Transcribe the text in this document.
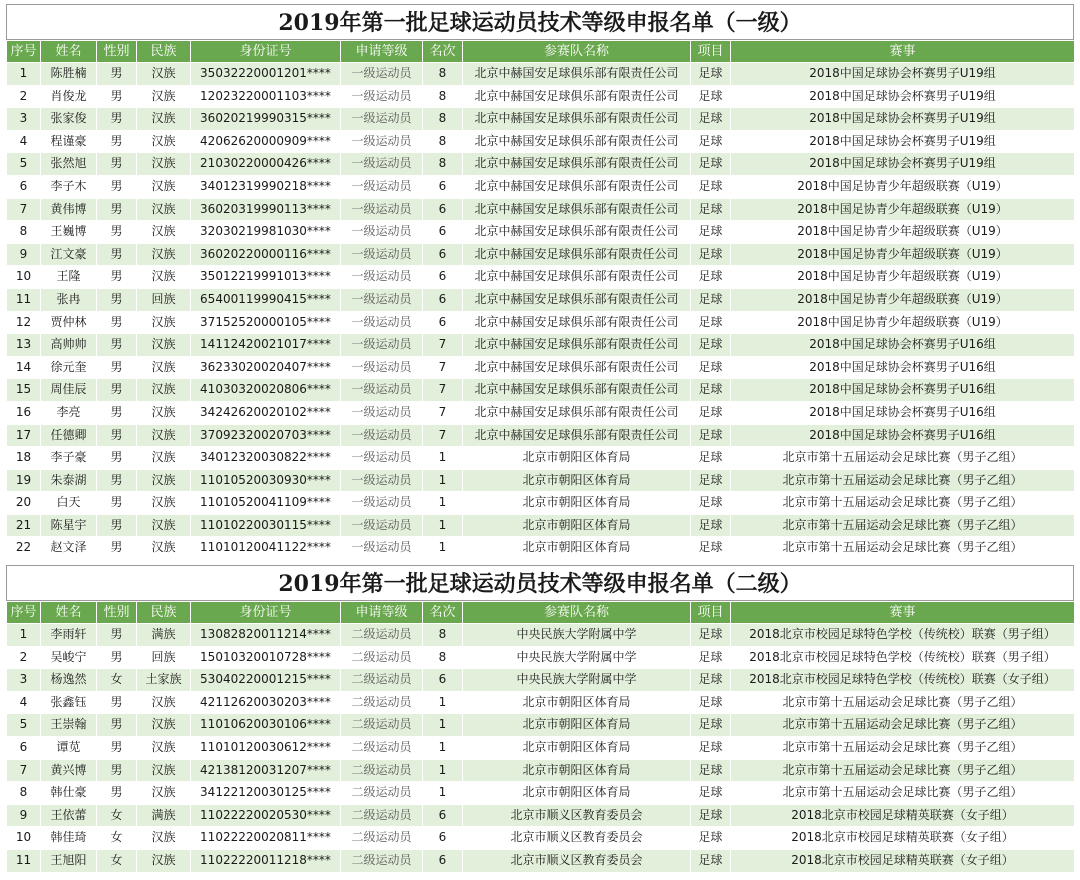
2019年第一批足球运动员技术等级申报名单（一级）
序号	姓名	性别	民族	身份证号	申请等级	名次	参赛队名称	项目	赛事
1	陈胜楠	男	汉族	35032220001201****	一级运动员	8	北京中赫国安足球俱乐部有限责任公司	足球	2018中国足球协会杯赛男子U19组
2	肖俊龙	男	汉族	12023220001103****	一级运动员	8	北京中赫国安足球俱乐部有限责任公司	足球	2018中国足球协会杯赛男子U19组
3	张家俊	男	汉族	36020219990315****	一级运动员	8	北京中赫国安足球俱乐部有限责任公司	足球	2018中国足球协会杯赛男子U19组
4	程谨豪	男	汉族	42062620000909****	一级运动员	8	北京中赫国安足球俱乐部有限责任公司	足球	2018中国足球协会杯赛男子U19组
5	张然旭	男	汉族	21030220000426****	一级运动员	8	北京中赫国安足球俱乐部有限责任公司	足球	2018中国足球协会杯赛男子U19组
6	李子木	男	汉族	34012319990218****	一级运动员	6	北京中赫国安足球俱乐部有限责任公司	足球	2018中国足协青少年超级联赛（U19）
7	黄伟博	男	汉族	36020319990113****	一级运动员	6	北京中赫国安足球俱乐部有限责任公司	足球	2018中国足协青少年超级联赛（U19）
8	王巍博	男	汉族	32030219981030****	一级运动员	6	北京中赫国安足球俱乐部有限责任公司	足球	2018中国足协青少年超级联赛（U19）
9	江文豪	男	汉族	36020220000116****	一级运动员	6	北京中赫国安足球俱乐部有限责任公司	足球	2018中国足协青少年超级联赛（U19）
10	王隆	男	汉族	35012219991013****	一级运动员	6	北京中赫国安足球俱乐部有限责任公司	足球	2018中国足协青少年超级联赛（U19）
11	张冉	男	回族	65400119990415****	一级运动员	6	北京中赫国安足球俱乐部有限责任公司	足球	2018中国足协青少年超级联赛（U19）
12	贾仲林	男	汉族	37152520000105****	一级运动员	6	北京中赫国安足球俱乐部有限责任公司	足球	2018中国足协青少年超级联赛（U19）
13	高帅帅	男	汉族	14112420021017****	一级运动员	7	北京中赫国安足球俱乐部有限责任公司	足球	2018中国足球协会杯赛男子U16组
14	徐元奎	男	汉族	36233020020407****	一级运动员	7	北京中赫国安足球俱乐部有限责任公司	足球	2018中国足球协会杯赛男子U16组
15	周佳辰	男	汉族	41030320020806****	一级运动员	7	北京中赫国安足球俱乐部有限责任公司	足球	2018中国足球协会杯赛男子U16组
16	李亮	男	汉族	34242620020102****	一级运动员	7	北京中赫国安足球俱乐部有限责任公司	足球	2018中国足球协会杯赛男子U16组
17	任德卿	男	汉族	37092320020703****	一级运动员	7	北京中赫国安足球俱乐部有限责任公司	足球	2018中国足球协会杯赛男子U16组
18	李子豪	男	汉族	34012320030822****	一级运动员	1	北京市朝阳区体育局	足球	北京市第十五届运动会足球比赛（男子乙组）
19	朱泰湖	男	汉族	11010520030930****	一级运动员	1	北京市朝阳区体育局	足球	北京市第十五届运动会足球比赛（男子乙组）
20	白天	男	汉族	11010520041109****	一级运动员	1	北京市朝阳区体育局	足球	北京市第十五届运动会足球比赛（男子乙组）
21	陈星宇	男	汉族	11010220030115****	一级运动员	1	北京市朝阳区体育局	足球	北京市第十五届运动会足球比赛（男子乙组）
22	赵文泽	男	汉族	11010120041122****	一级运动员	1	北京市朝阳区体育局	足球	北京市第十五届运动会足球比赛（男子乙组）
2019年第一批足球运动员技术等级申报名单（二级）
序号	姓名	性别	民族	身份证号	申请等级	名次	参赛队名称	项目	赛事
1	李雨轩	男	满族	13082820011214****	二级运动员	8	中央民族大学附属中学	足球	2018北京市校园足球特色学校（传统校）联赛（男子组）
2	吴峻宁	男	回族	15010320010728****	二级运动员	8	中央民族大学附属中学	足球	2018北京市校园足球特色学校（传统校）联赛（男子组）
3	杨逸然	女	土家族	53040220001215****	二级运动员	6	中央民族大学附属中学	足球	2018北京市校园足球特色学校（传统校）联赛（女子组）
4	张鑫钰	男	汉族	42112620030203****	二级运动员	1	北京市朝阳区体育局	足球	北京市第十五届运动会足球比赛（男子乙组）
5	王崇翰	男	汉族	11010620030106****	二级运动员	1	北京市朝阳区体育局	足球	北京市第十五届运动会足球比赛（男子乙组）
6	谭苋	男	汉族	11010120030612****	二级运动员	1	北京市朝阳区体育局	足球	北京市第十五届运动会足球比赛（男子乙组）
7	黄兴博	男	汉族	42138120031207****	二级运动员	1	北京市朝阳区体育局	足球	北京市第十五届运动会足球比赛（男子乙组）
8	韩仕豪	男	汉族	34122120030125****	二级运动员	1	北京市朝阳区体育局	足球	北京市第十五届运动会足球比赛（男子乙组）
9	王依蕾	女	满族	11022220020530****	二级运动员	6	北京市顺义区教育委员会	足球	2018北京市校园足球精英联赛（女子组）
10	韩佳琦	女	汉族	11022220020811****	二级运动员	6	北京市顺义区教育委员会	足球	2018北京市校园足球精英联赛（女子组）
11	王旭阳	女	汉族	11022220011218****	二级运动员	6	北京市顺义区教育委员会	足球	2018北京市校园足球精英联赛（女子组）
